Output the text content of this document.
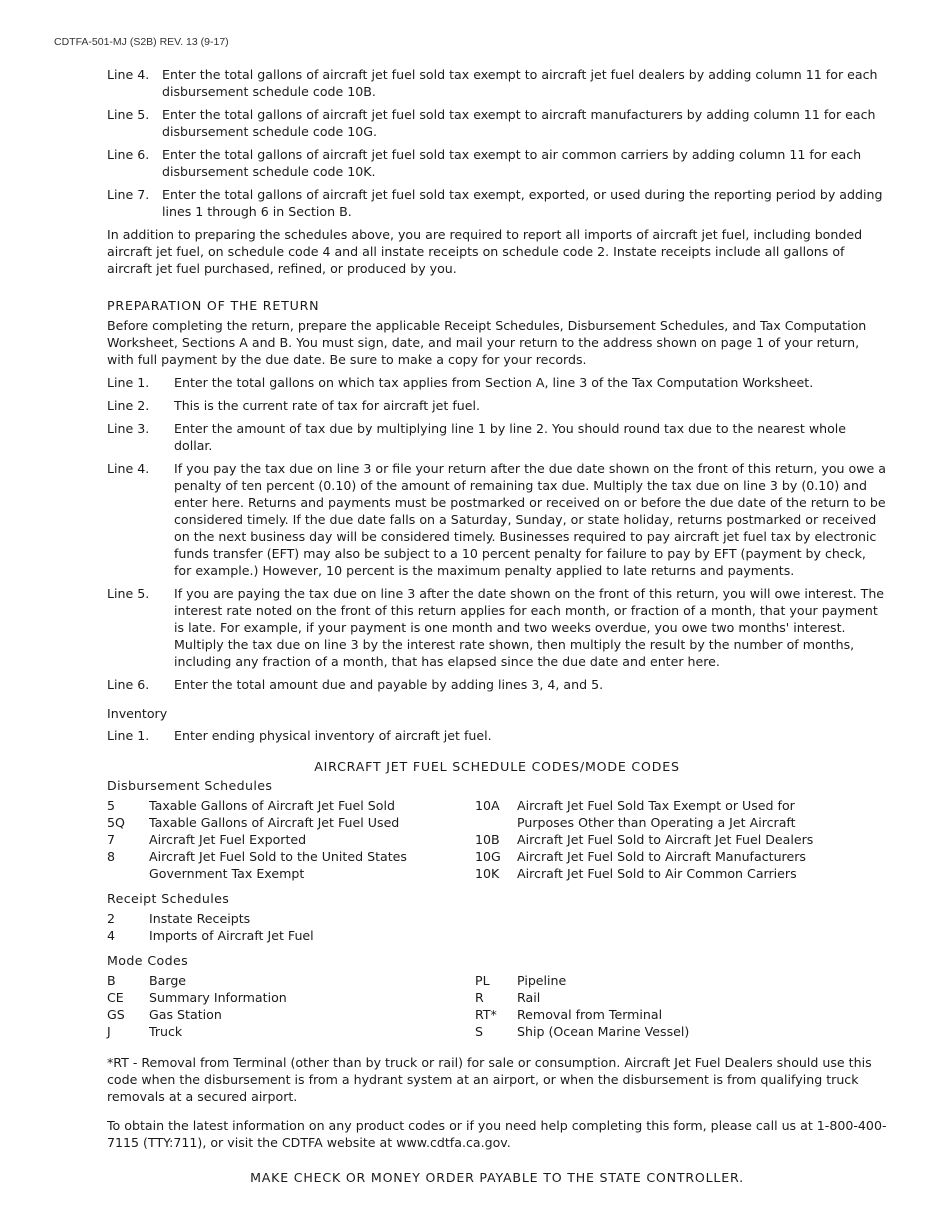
CDTFA-501-MJ (S2B) REV. 13 (9-17)
Line 4.	Enter the total gallons of aircraft jet fuel sold tax exempt to aircraft jet fuel dealers by adding column 11 for each disbursement schedule code 10B.
Line 5.	Enter the total gallons of aircraft jet fuel sold tax exempt to aircraft manufacturers by adding column 11 for each disbursement schedule code 10G.
Line 6.	Enter the total gallons of aircraft jet fuel sold tax exempt to air common carriers by adding column 11 for each disbursement schedule code 10K.
Line 7.	Enter the total gallons of aircraft jet fuel sold tax exempt, exported, or used during the reporting period by adding lines 1 through 6 in Section B.

In addition to preparing the schedules above, you are required to report all imports of aircraft jet fuel, including bonded aircraft jet fuel, on schedule code 4 and all instate receipts on schedule code 2. Instate receipts include all gallons of aircraft jet fuel purchased, refined, or produced by you.

PREPARATION OF THE RETURN

Before completing the return, prepare the applicable Receipt Schedules, Disbursement Schedules, and Tax Computation Worksheet, Sections A and B. You must sign, date, and mail your return to the address shown on page 1 of your return, with full payment by the due date. Be sure to make a copy for your records.

Line 1.	Enter the total gallons on which tax applies from Section A, line 3 of the Tax Computation Worksheet.
Line 2.	This is the current rate of tax for aircraft jet fuel.
Line 3.	Enter the amount of tax due by multiplying line 1 by line 2. You should round tax due to the nearest whole dollar.
Line 4.	If you pay the tax due on line 3 or file your return after the due date shown on the front of this return, you owe a penalty of ten percent (0.10) of the amount of remaining tax due. Multiply the tax due on line 3 by (0.10) and enter here. Returns and payments must be postmarked or received on or before the due date of the return to be considered timely. If the due date falls on a Saturday, Sunday, or state holiday, returns postmarked or received on the next business day will be considered timely. Businesses required to pay aircraft jet fuel tax by electronic funds transfer (EFT) may also be subject to a 10 percent penalty for failure to pay by EFT (payment by check, for example.) However, 10 percent is the maximum penalty applied to late returns and payments.
Line 5.	If you are paying the tax due on line 3 after the date shown on the front of this return, you will owe interest. The interest rate noted on the front of this return applies for each month, or fraction of a month, that your payment is late. For example, if your payment is one month and two weeks overdue, you owe two months' interest. Multiply the tax due on line 3 by the interest rate shown, then multiply the result by the number of months, including any fraction of a month, that has elapsed since the due date and enter here.
Line 6.	Enter the total amount due and payable by adding lines 3, 4, and 5.

Inventory

Line 1.	Enter ending physical inventory of aircraft jet fuel.

AIRCRAFT JET FUEL SCHEDULE CODES/MODE CODES

Disbursement Schedules

5	Taxable Gallons of Aircraft Jet Fuel Sold
5Q	Taxable Gallons of Aircraft Jet Fuel Used
7	Aircraft Jet Fuel Exported
8	Aircraft Jet Fuel Sold to the United States Government Tax Exempt
10A	Aircraft Jet Fuel Sold Tax Exempt or Used for Purposes Other than Operating a Jet Aircraft
10B	Aircraft Jet Fuel Sold to Aircraft Jet Fuel Dealers
10G	Aircraft Jet Fuel Sold to Aircraft Manufacturers
10K	Aircraft Jet Fuel Sold to Air Common Carriers

Receipt Schedules

2	Instate Receipts
4	Imports of Aircraft Jet Fuel

Mode Codes

B	Barge
CE	Summary Information
GS	Gas Station
J	Truck
PL	Pipeline
R	Rail
RT*	Removal from Terminal
S	Ship (Ocean Marine Vessel)

*RT - Removal from Terminal (other than by truck or rail) for sale or consumption. Aircraft Jet Fuel Dealers should use this code when the disbursement is from a hydrant system at an airport, or when the disbursement is from qualifying truck removals at a secured airport.

To obtain the latest information on any product codes or if you need help completing this form, please call us at 1-800-400-7115 (TTY:711), or visit the CDTFA website at www.cdtfa.ca.gov.

MAKE CHECK OR MONEY ORDER PAYABLE TO THE STATE CONTROLLER.
